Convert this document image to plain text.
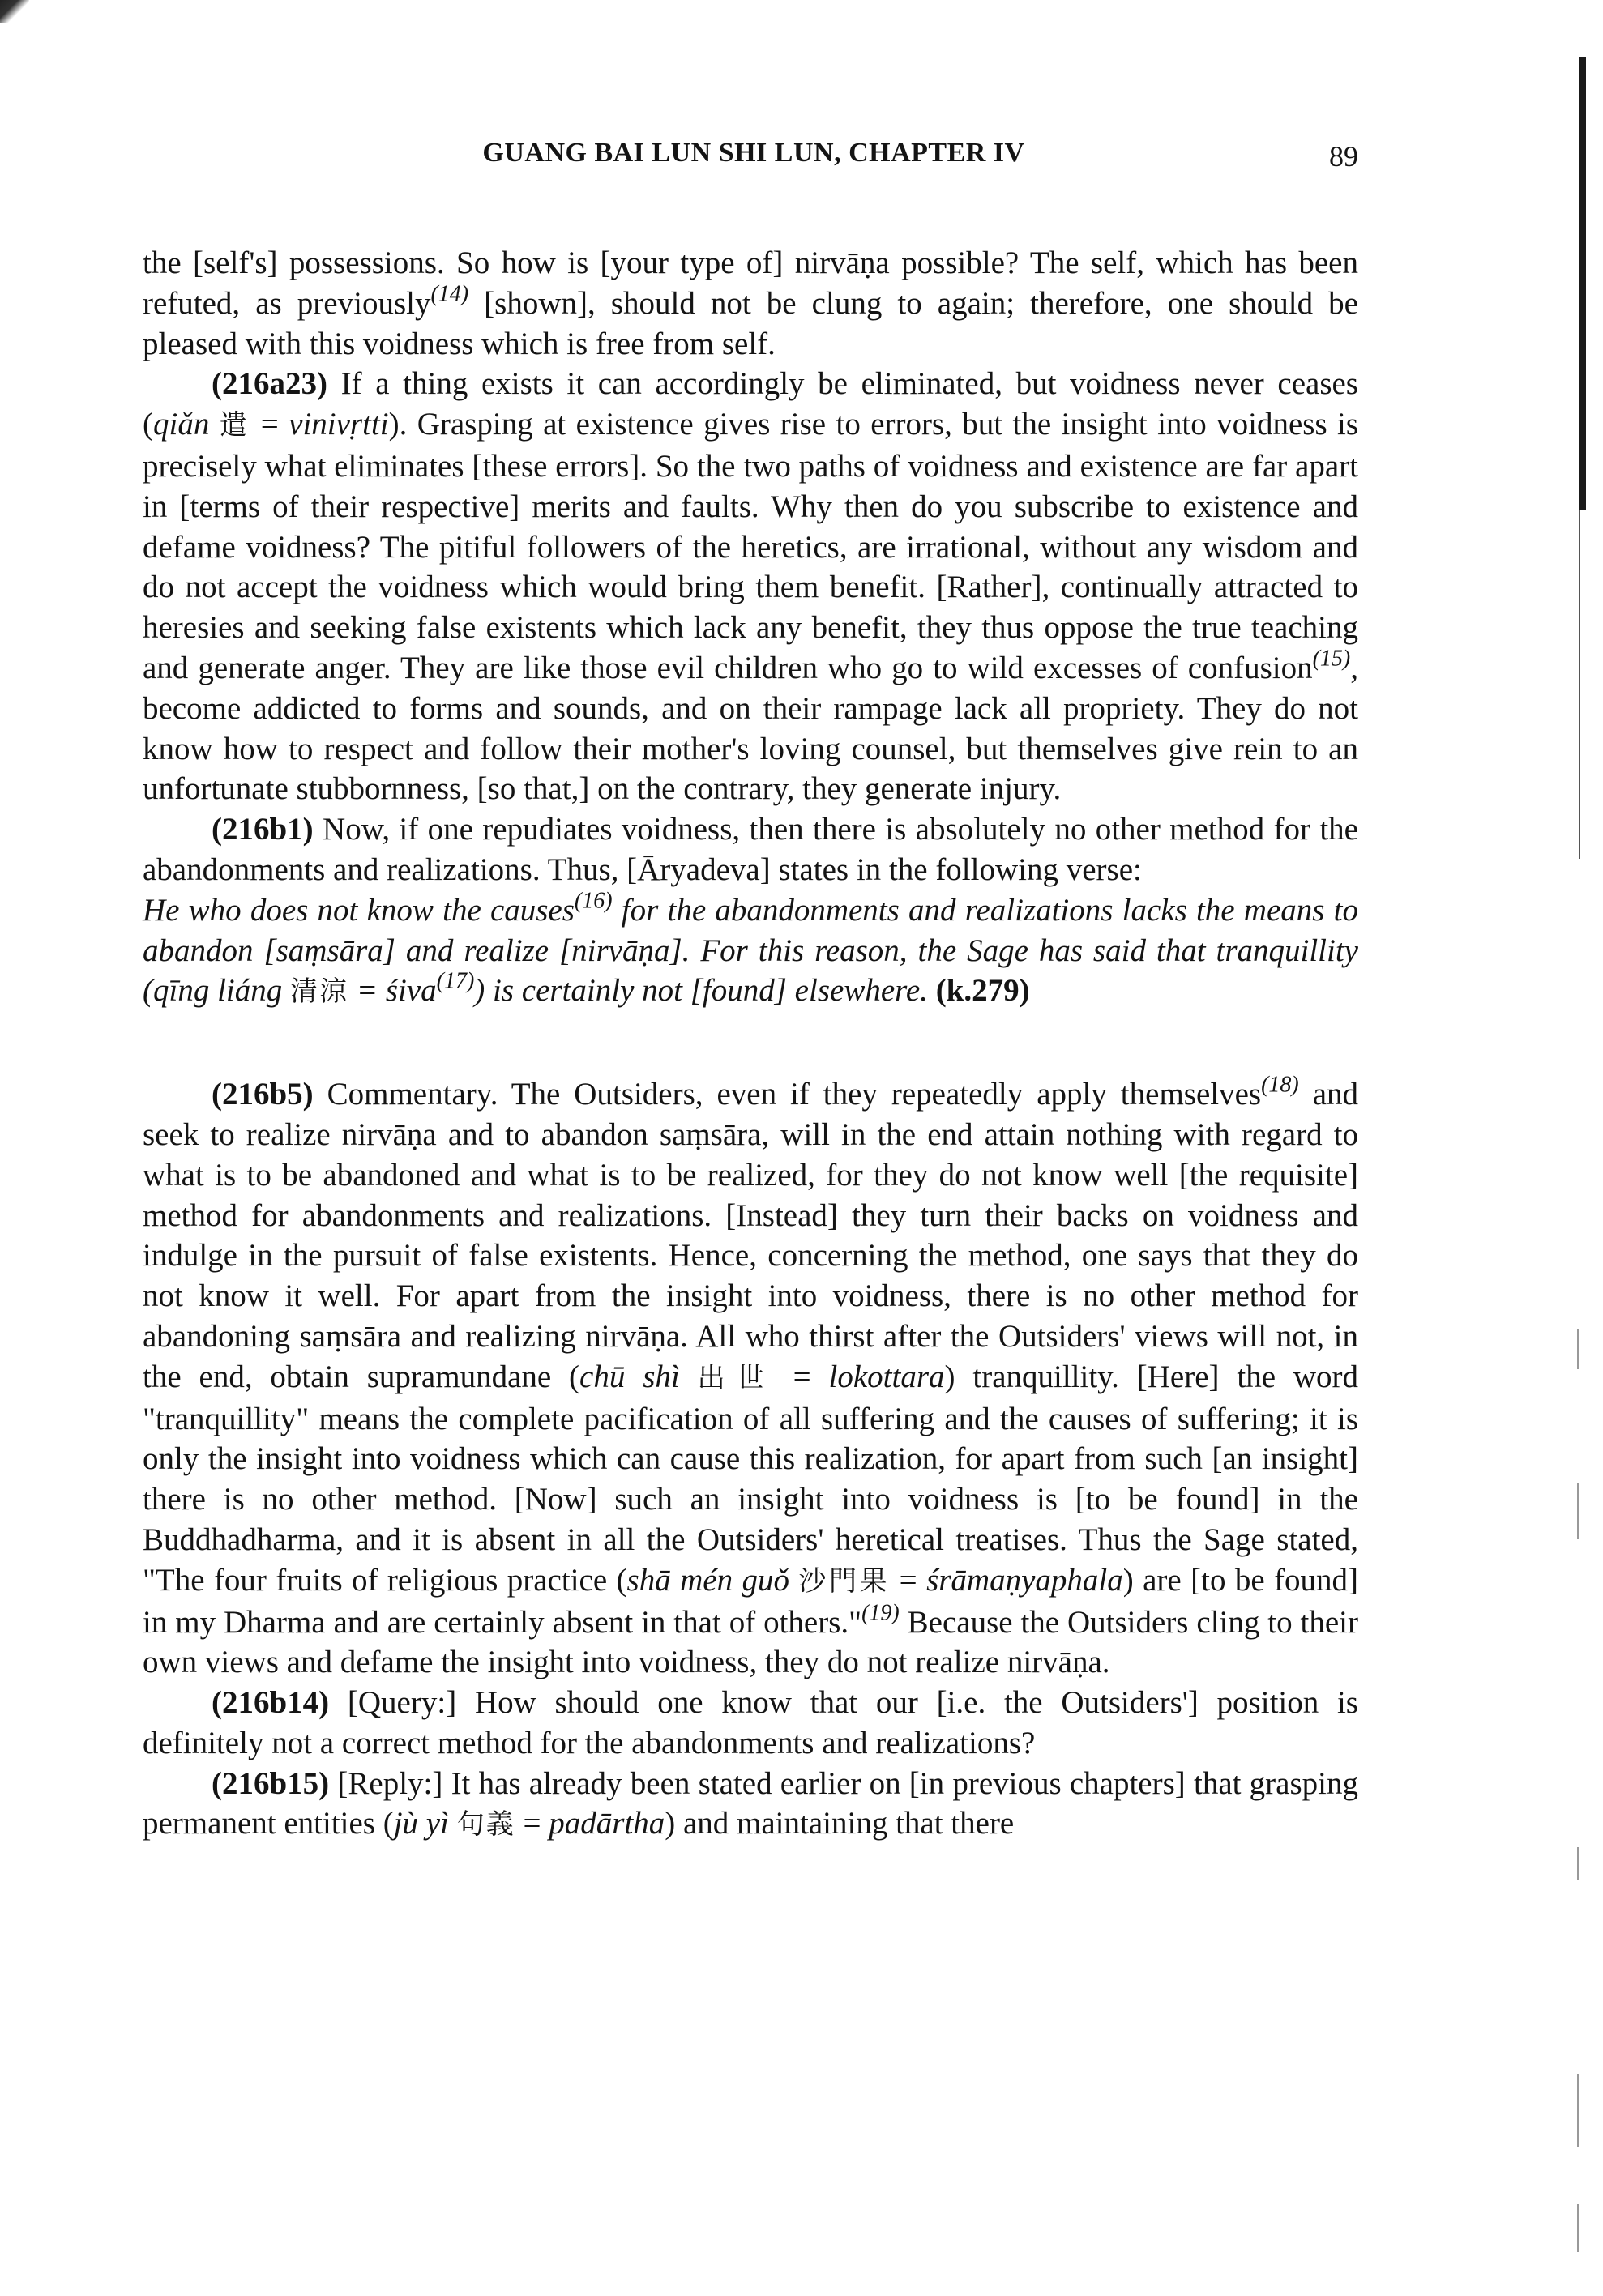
GUANG BAI LUN SHI LUN, CHAPTER IV	89

the [self's] possessions. So how is [your type of] nirvāṇa possible? The self, which has been refuted, as previously$^{(14)}$ [shown], should not be clung to again; therefore, one should be pleased with this voidness which is free from self.

(216a23) If a thing exists it can accordingly be eliminated, but voidness never ceases (qiǎn 遣 = vinivṛtti). Grasping at existence gives rise to errors, but the insight into voidness is precisely what eliminates [these errors]. So the two paths of voidness and existence are far apart in [terms of their respective] merits and faults. Why then do you subscribe to existence and defame voidness? The pitiful followers of the heretics, are irrational, without any wisdom and do not accept the voidness which would bring them benefit. [Rather], continually attracted to heresies and seeking false existents which lack any benefit, they thus oppose the true teaching and generate anger. They are like those evil children who go to wild excesses of confusion$^{(15)}$, become addicted to forms and sounds, and on their rampage lack all propriety. They do not know how to respect and follow their mother's loving counsel, but themselves give rein to an unfortunate stubbornness, [so that,] on the contrary, they generate injury.

(216b1) Now, if one repudiates voidness, then there is absolutely no other method for the abandonments and realizations. Thus, [Āryadeva] states in the following verse:

He who does not know the causes$^{(16)}$ for the abandonments and realizations lacks the means to abandon [saṃsāra] and realize [nirvāṇa]. For this reason, the Sage has said that tranquillity (qīng liáng 清涼 = śiva$^{(17)}$) is certainly not [found] elsewhere. (k.279)

(216b5) Commentary. The Outsiders, even if they repeatedly apply themselves$^{(18)}$ and seek to realize nirvāṇa and to abandon saṃsāra, will in the end attain nothing with regard to what is to be abandoned and what is to be realized, for they do not know well [the requisite] method for abandonments and realizations. [Instead] they turn their backs on voidness and indulge in the pursuit of false existents. Hence, concerning the method, one says that they do not know it well. For apart from the insight into voidness, there is no other method for abandoning saṃsāra and realizing nirvāṇa. All who thirst after the Outsiders' views will not, in the end, obtain supramundane (chū shì 出世 = lokottara) tranquillity. [Here] the word "tranquillity" means the complete pacification of all suffering and the causes of suffering; it is only the insight into voidness which can cause this realization, for apart from such [an insight] there is no other method. [Now] such an insight into voidness is [to be found] in the Buddhadharma, and it is absent in all the Outsiders' heretical treatises. Thus the Sage stated, "The four fruits of religious practice (shā mén guǒ 沙門果 = śrāmaṇyaphala) are [to be found] in my Dharma and are certainly absent in that of others."$^{(19)}$ Because the Outsiders cling to their own views and defame the insight into voidness, they do not realize nirvāṇa.

(216b14) [Query:] How should one know that our [i.e. the Outsiders'] position is definitely not a correct method for the abandonments and realizations?

(216b15) [Reply:] It has already been stated earlier on [in previous chapters] that grasping permanent entities (jù yì 句義 = padārtha) and maintaining that there
